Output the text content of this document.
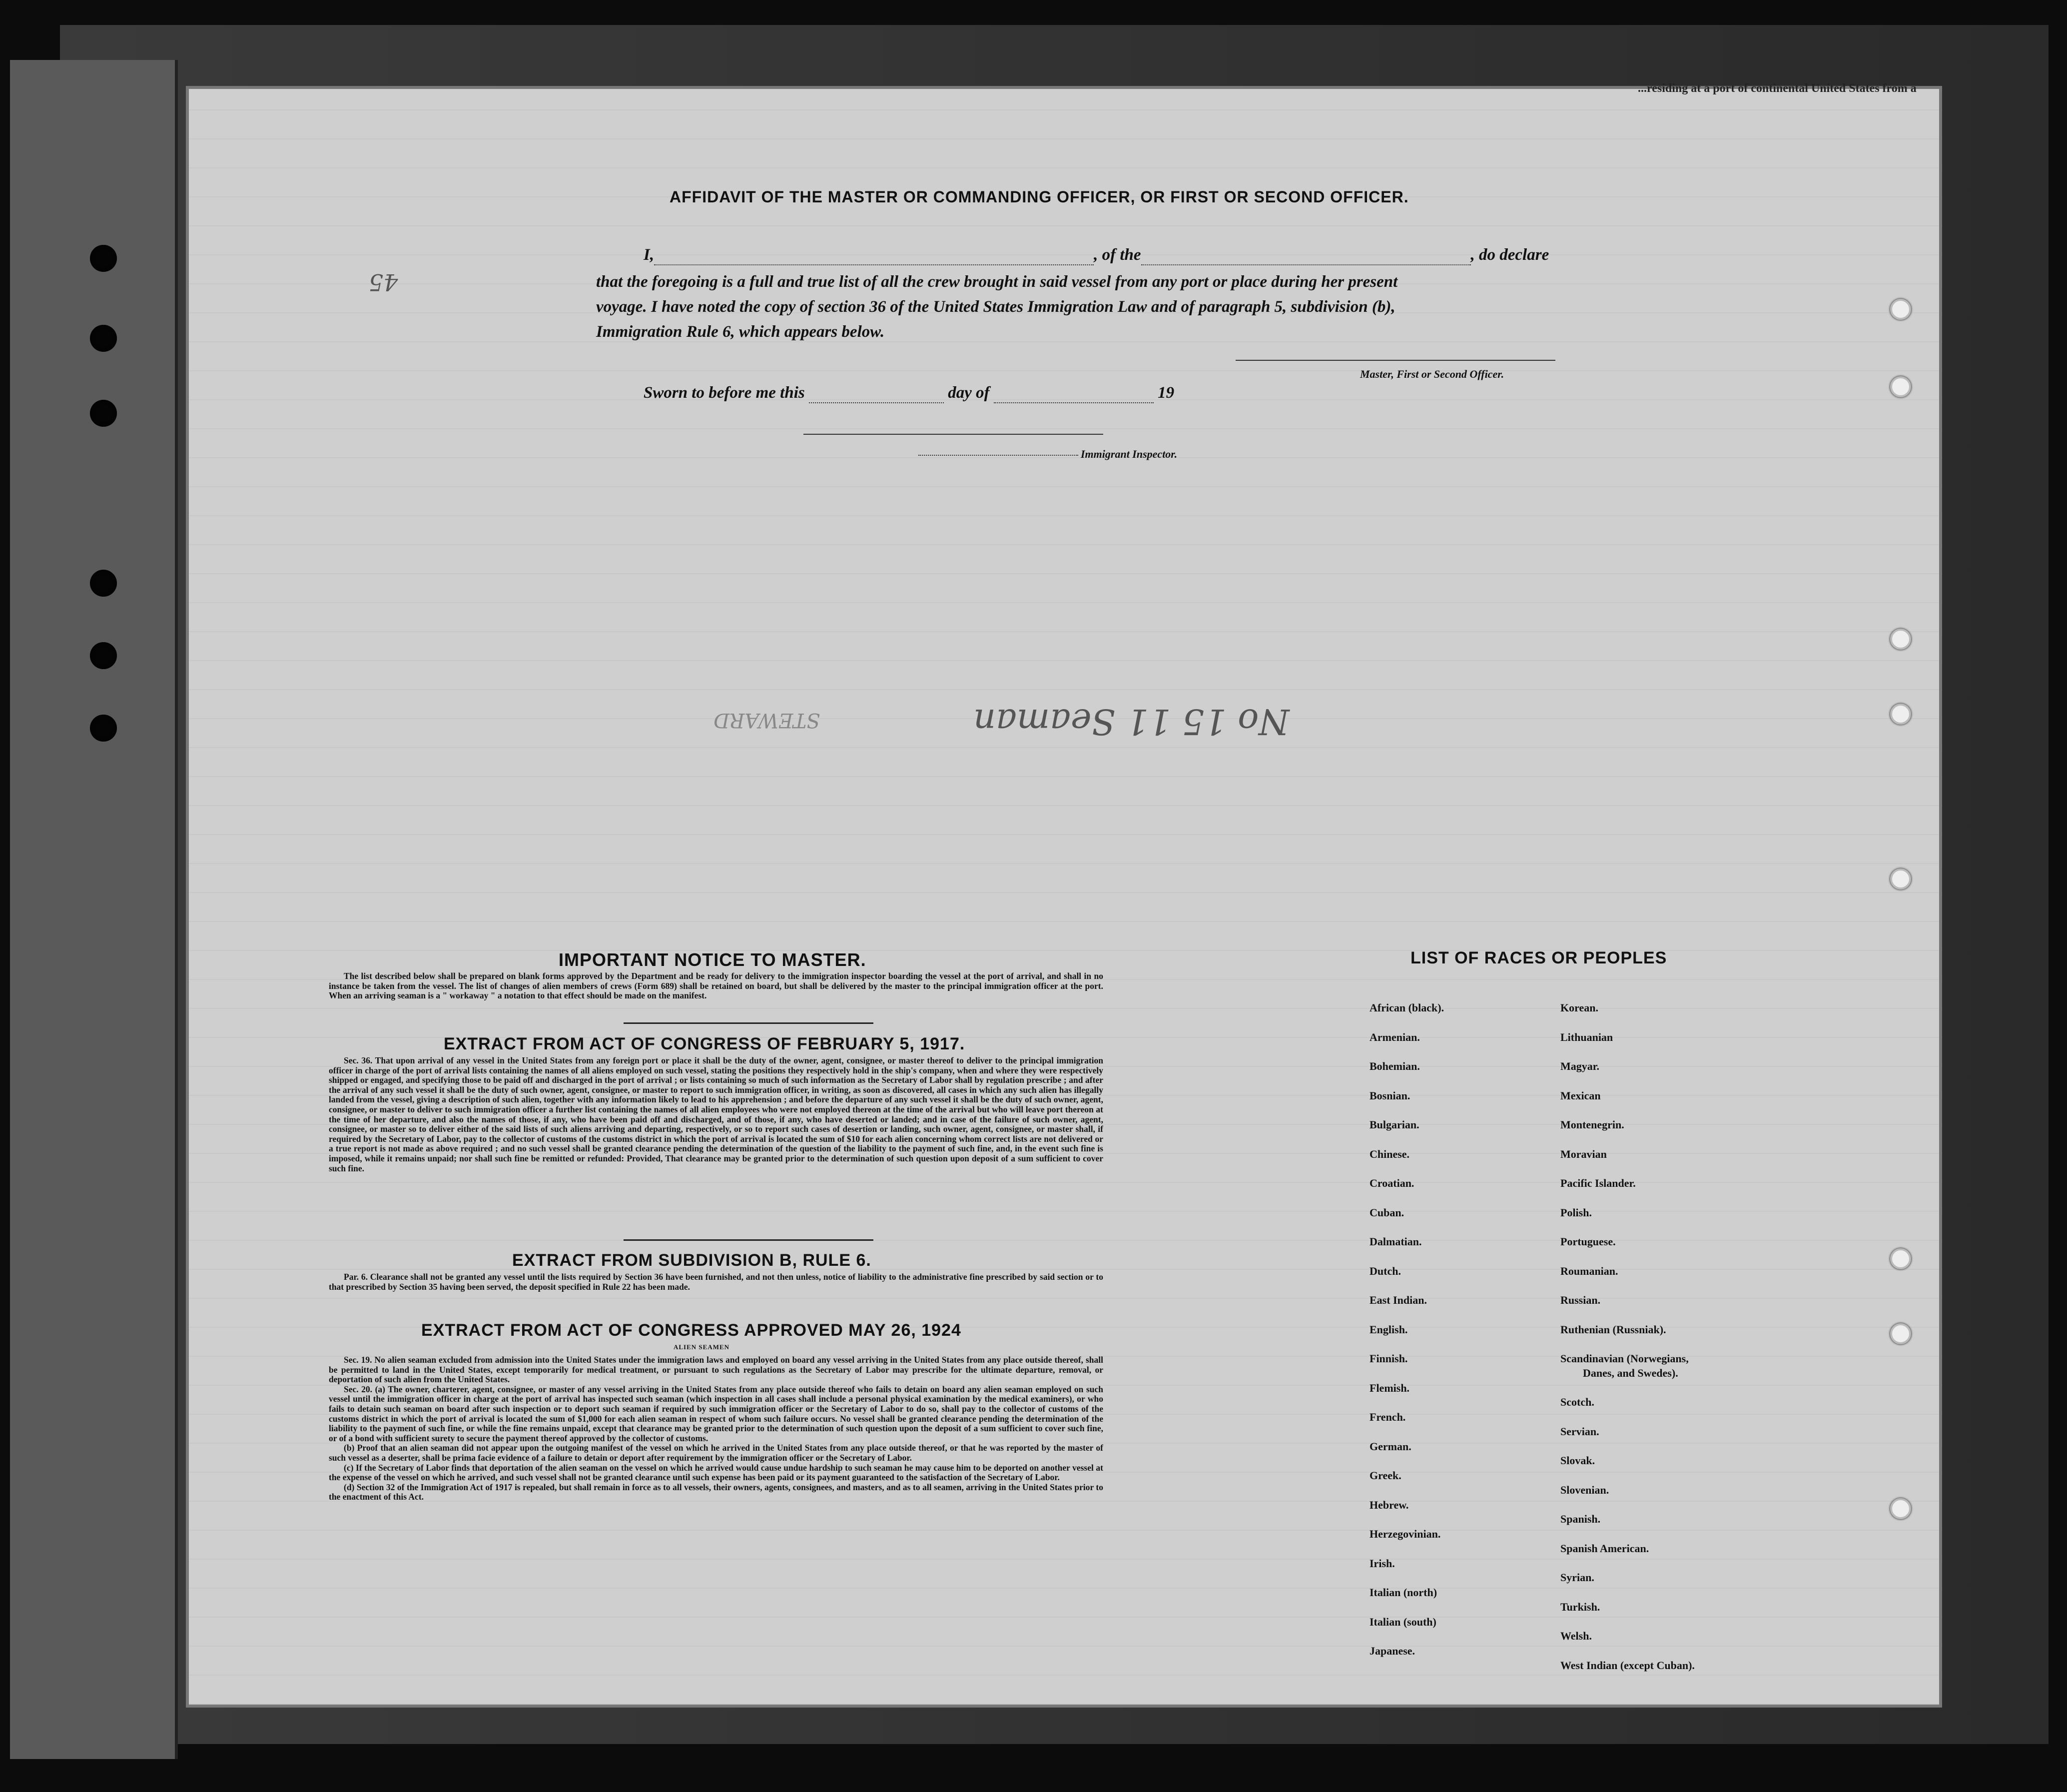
...residing at a port of continental United States from a
45
No 15 11 Seaman
STEWARD
AFFIDAVIT OF THE MASTER OR COMMANDING OFFICER, OR FIRST OR SECOND OFFICER.
I,	, of the	, do declare
that the foregoing is a full and true list of all the crew brought in said vessel from any port or place during her present
voyage. I have noted the copy of section 36 of the United States Immigration Law and of paragraph 5, subdivision (b),
Immigration Rule 6, which appears below.
Master, First or Second Officer.
Sworn to before me this	day of	19
Immigrant Inspector.
IMPORTANT NOTICE TO MASTER.
The list described below shall be prepared on blank forms approved by the Department and be ready for delivery to the immigration inspector boarding the vessel at the port of arrival, and shall in no instance be taken from the vessel. The list of changes of alien members of crews (Form 689) shall be retained on board, but shall be delivered by the master to the principal immigration officer at the port. When an arriving seaman is a " workaway " a notation to that effect should be made on the manifest.
EXTRACT FROM ACT OF CONGRESS OF FEBRUARY 5, 1917.
Sec. 36. That upon arrival of any vessel in the United States from any foreign port or place it shall be the duty of the owner, agent, consignee, or master thereof to deliver to the principal immigration officer in charge of the port of arrival lists containing the names of all aliens employed on such vessel, stating the positions they respectively hold in the ship's company, when and where they were respectively shipped or engaged, and specifying those to be paid off and discharged in the port of arrival ; or lists containing so much of such information as the Secretary of Labor shall by regulation prescribe ; and after the arrival of any such vessel it shall be the duty of such owner, agent, consignee, or master to report to such immigration officer, in writing, as soon as discovered, all cases in which any such alien has illegally landed from the vessel, giving a description of such alien, together with any information likely to lead to his apprehension ; and before the departure of any such vessel it shall be the duty of such owner, agent, consignee, or master to deliver to such immigration officer a further list containing the names of all alien employees who were not employed thereon at the time of the arrival but who will leave port thereon at the time of her departure, and also the names of those, if any, who have been paid off and discharged, and of those, if any, who have deserted or landed; and in case of the failure of such owner, agent, consignee, or master so to deliver either of the said lists of such aliens arriving and departing, respectively, or so to report such cases of desertion or landing, such owner, agent, consignee, or master shall, if required by the Secretary of Labor, pay to the collector of customs of the customs district in which the port of arrival is located the sum of $10 for each alien concerning whom correct lists are not delivered or a true report is not made as above required ; and no such vessel shall be granted clearance pending the determination of the question of the liability to the payment of such fine, and, in the event such fine is imposed, while it remains unpaid; nor shall such fine be remitted or refunded: Provided, That clearance may be granted prior to the determination of such question upon deposit of a sum sufficient to cover such fine.
EXTRACT FROM SUBDIVISION B, RULE 6.
Par. 6. Clearance shall not be granted any vessel until the lists required by Section 36 have been furnished, and not then unless, notice of liability to the administrative fine prescribed by said section or to that prescribed by Section 35 having been served, the deposit specified in Rule 22 has been made.
EXTRACT FROM ACT OF CONGRESS APPROVED MAY 26, 1924
ALIEN SEAMEN

Sec. 19. No alien seaman excluded from admission into the United States under the immigration laws and employed on board any vessel arriving in the United States from any place outside thereof, shall be permitted to land in the United States, except temporarily for medical treatment, or pursuant to such regulations as the Secretary of Labor may prescribe for the ultimate departure, removal, or deportation of such alien from the United States.

Sec. 20. (a) The owner, charterer, agent, consignee, or master of any vessel arriving in the United States from any place outside thereof who fails to detain on board any alien seaman employed on such vessel until the immigration officer in charge at the port of arrival has inspected such seaman (which inspection in all cases shall include a personal physical examination by the medical examiners), or who fails to detain such seaman on board after such inspection or to deport such seaman if required by such immigration officer or the Secretary of Labor to do so, shall pay to the collector of customs of the customs district in which the port of arrival is located the sum of $1,000 for each alien seaman in respect of whom such failure occurs. No vessel shall be granted clearance pending the determination of the liability to the payment of such fine, or while the fine remains unpaid, except that clearance may be granted prior to the determination of such question upon the deposit of a sum sufficient to cover such fine, or of a bond with sufficient surety to secure the payment thereof approved by the collector of customs.

(b) Proof that an alien seaman did not appear upon the outgoing manifest of the vessel on which he arrived in the United States from any place outside thereof, or that he was reported by the master of such vessel as a deserter, shall be prima facie evidence of a failure to detain or deport after requirement by the immigration officer or the Secretary of Labor.

(c) If the Secretary of Labor finds that deportation of the alien seaman on the vessel on which he arrived would cause undue hardship to such seaman he may cause him to be deported on another vessel at the expense of the vessel on which he arrived, and such vessel shall not be granted clearance until such expense has been paid or its payment guaranteed to the satisfaction of the Secretary of Labor.

(d) Section 32 of the Immigration Act of 1917 is repealed, but shall remain in force as to all vessels, their owners, agents, consignees, and masters, and as to all seamen, arriving in the United States prior to the enactment of this Act.

LIST OF RACES OR PEOPLES
African (black).
Armenian.
Bohemian.
Bosnian.
Bulgarian.
Chinese.
Croatian.
Cuban.
Dalmatian.
Dutch.
East Indian.
English.
Finnish.
Flemish.
French.
German.
Greek.
Hebrew.
Herzegovinian.
Irish.
Italian (north)
Italian (south)
Japanese.
Korean.
Lithuanian
Magyar.
Mexican
Montenegrin.
Moravian
Pacific Islander.
Polish.
Portuguese.
Roumanian.
Russian.
Ruthenian (Russniak).
Scandinavian (Norwegians,
Danes, and Swedes).
Scotch.
Servian.
Slovak.
Slovenian.
Spanish.
Spanish American.
Syrian.
Turkish.
Welsh.
West Indian (except Cuban).
